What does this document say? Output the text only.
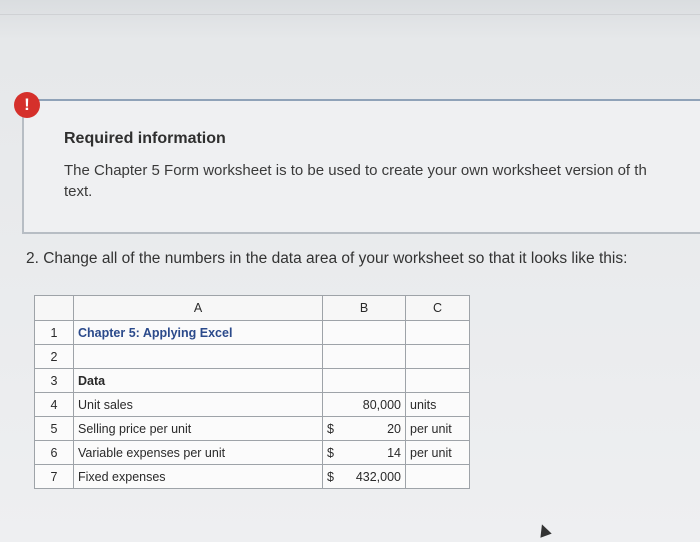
!
Required information
The Chapter 5 Form worksheet is to be used to create your own worksheet version of th
text.
2. Change all of the numbers in the data area of your worksheet so that it looks like this:
	A	B	C
1	Chapter 5: Applying Excel		
2			
3	Data		
4	Unit sales	80,000	units
5	Selling price per unit	$ 20	per unit
6	Variable expenses per unit	$ 14	per unit
7	Fixed expenses	$ 432,000	
